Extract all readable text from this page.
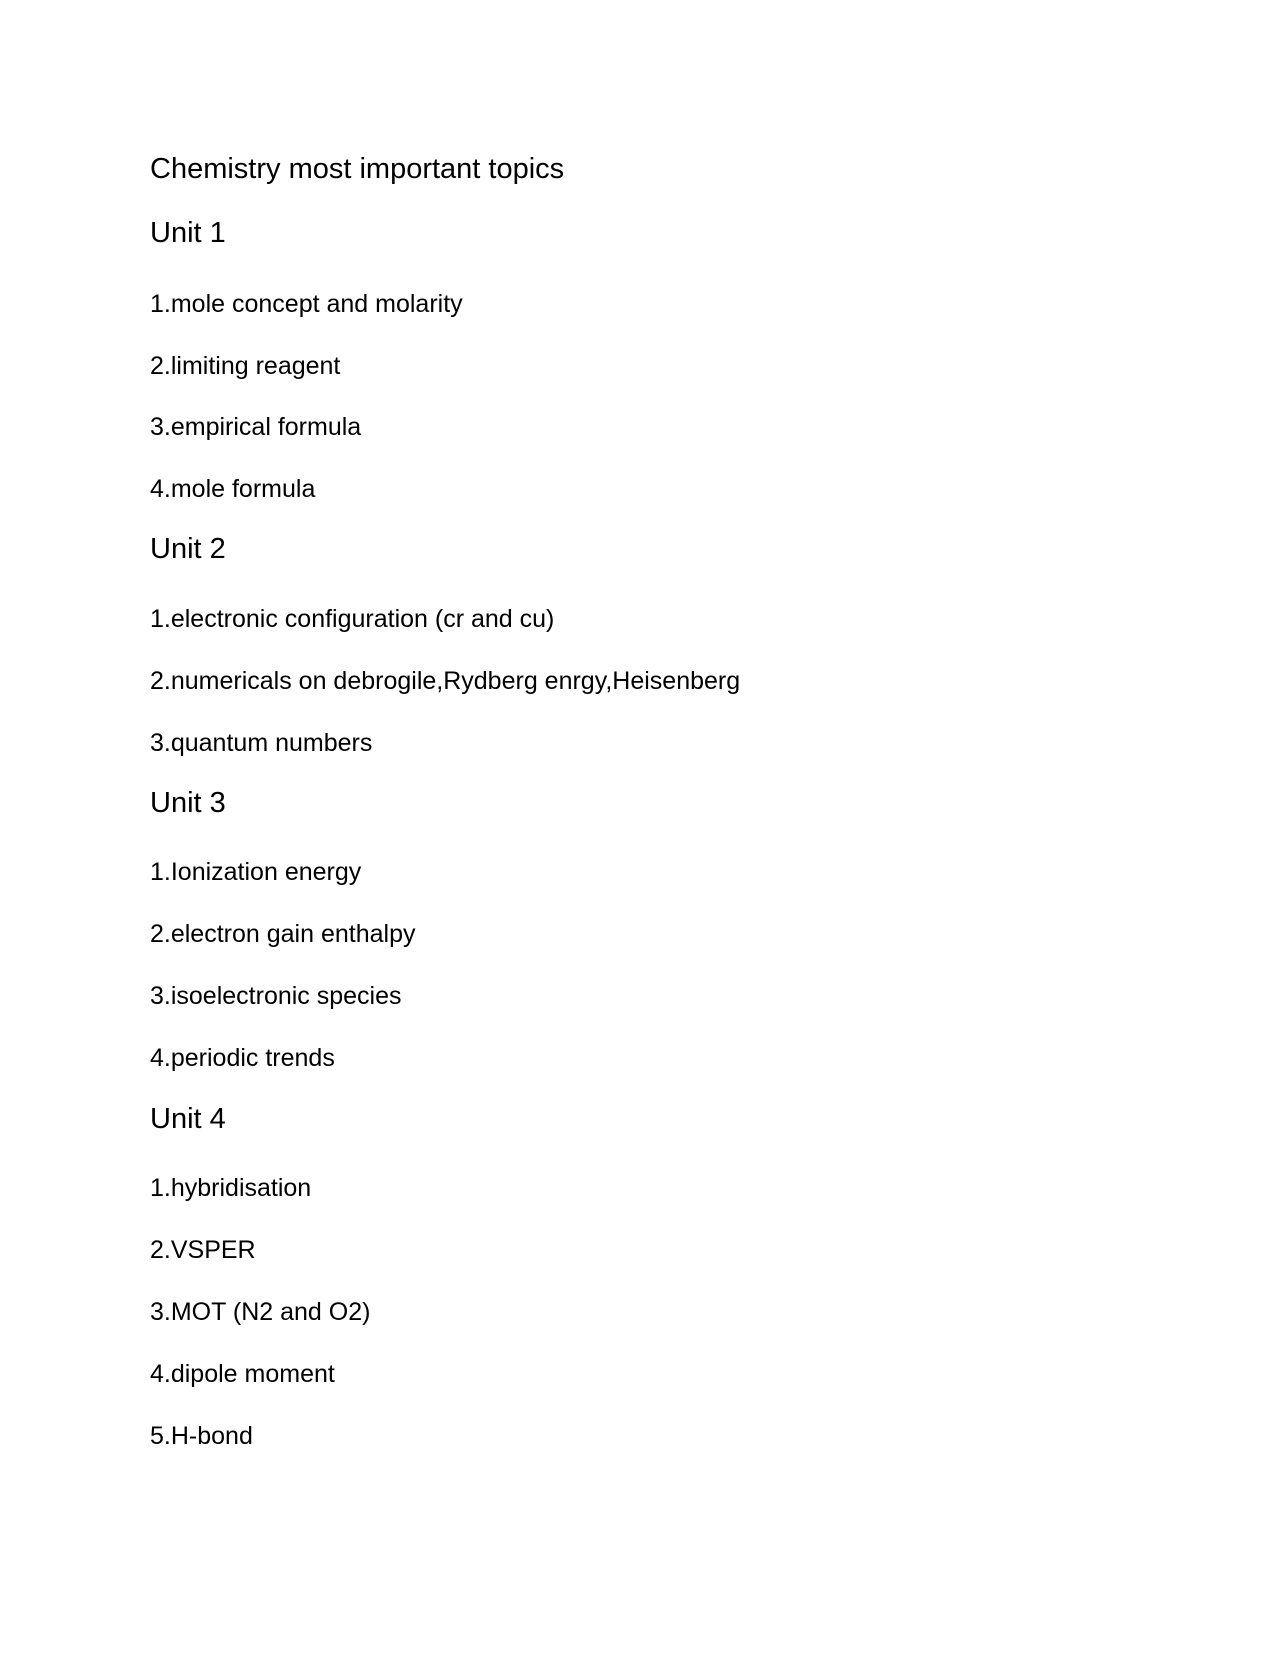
Chemistry most important topics
Unit 1
1.mole concept and molarity
2.limiting reagent
3.empirical formula
4.mole formula
Unit 2
1.electronic configuration (cr and cu)
2.numericals on debrogile,Rydberg enrgy,Heisenberg
3.quantum numbers
Unit 3
1.Ionization energy
2.electron gain enthalpy
3.isoelectronic species
4.periodic trends
Unit 4
1.hybridisation
2.VSPER
3.MOT (N2 and O2)
4.dipole moment
5.H-bond
